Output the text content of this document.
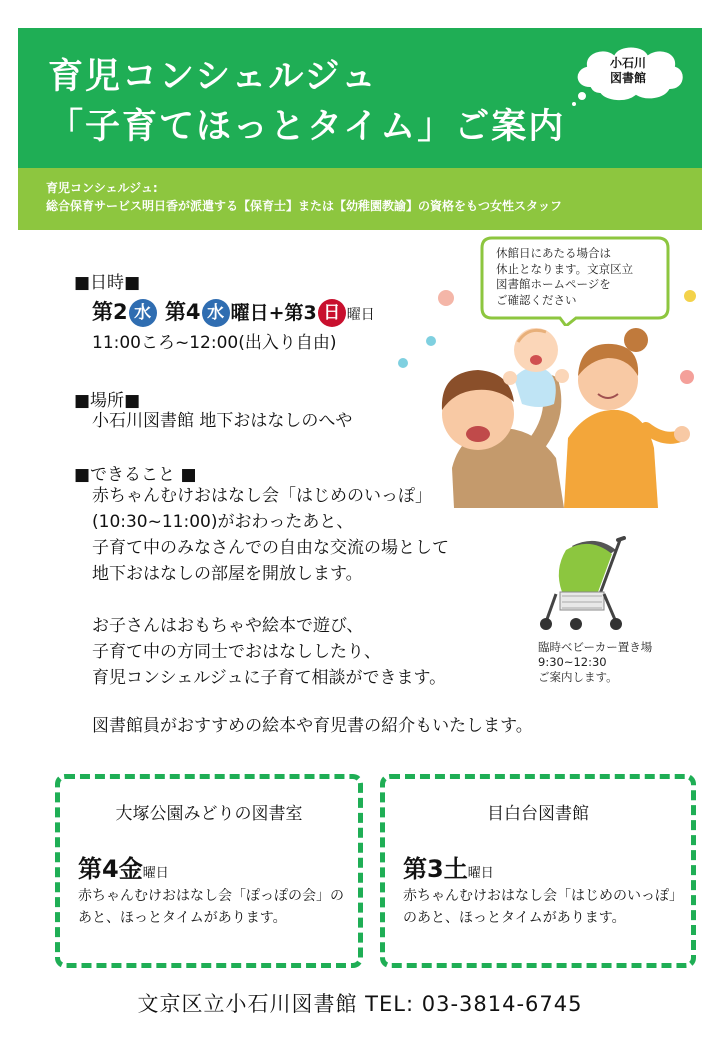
育児コンシェルジュ
「子育てほっとタイム」ご案内
小石川
図書館
育児コンシェルジュ:
総合保育サービス明日香が派遣する【保育士】または【幼稚園教諭】の資格をもつ女性スタッフ
休館日にあたる場合は
休止となります。文京区立
図書館ホームページを
ご確認ください
■日時■
第2 水 第4 水 曜日+第3 日 曜日
11:00ころ~12:00(出入り自由)
■場所■
小石川図書館 地下おはなしのへや
■できること ■
赤ちゃんむけおはなし会「はじめのいっぽ」
(10:30~11:00)がおわったあと、
子育て中のみなさんでの自由な交流の場として
地下おはなしの部屋を開放します。
お子さんはおもちゃや絵本で遊び、
子育て中の方同士でおはなししたり、
育児コンシェルジュに子育て相談ができます。
図書館員がおすすめの絵本や育児書の紹介もいたします。
臨時ベビーカー置き場
9:30~12:30
ご案内します。
大塚公園みどりの図書室
第4金曜日
赤ちゃんむけおはなし会「ぽっぽの会」のあと、ほっとタイムがあります。
目白台図書館
第3土曜日
赤ちゃんむけおはなし会「はじめのいっぽ」のあと、ほっとタイムがあります。
文京区立小石川図書館 TEL: 03-3814-6745
